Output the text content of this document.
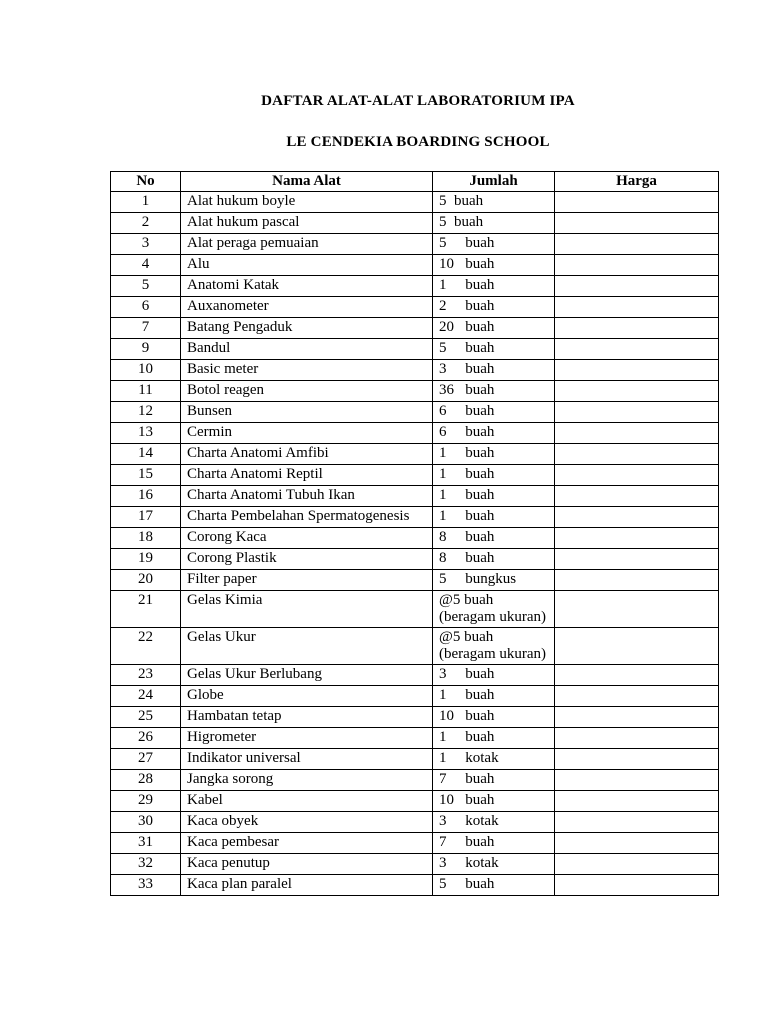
DAFTAR ALAT-ALAT LABORATORIUM IPA
LE CENDEKIA BOARDING SCHOOL
No	Nama Alat	Jumlah	Harga
1	Alat hukum boyle	5  buah	
2	Alat hukum pascal	5  buah	
3	Alat peraga pemuaian	5     buah	
4	Alu	10   buah	
5	Anatomi Katak	1     buah	
6	Auxanometer	2     buah	
7	Batang Pengaduk	20   buah	
9	Bandul	5     buah	
10	Basic meter	3     buah	
11	Botol reagen	36   buah	
12	Bunsen	6     buah	
13	Cermin	6     buah	
14	Charta Anatomi Amfibi	1     buah	
15	Charta Anatomi Reptil	1     buah	
16	Charta Anatomi Tubuh Ikan	1     buah	
17	Charta Pembelahan Spermatogenesis	1     buah	
18	Corong Kaca	8     buah	
19	Corong Plastik	8     buah	
20	Filter paper	5     bungkus	
21	Gelas Kimia	@5 buah (beragam ukuran)	
22	Gelas Ukur	@5 buah (beragam ukuran)	
23	Gelas Ukur Berlubang	3     buah	
24	Globe	1     buah	
25	Hambatan tetap	10   buah	
26	Higrometer	1     buah	
27	Indikator universal	1     kotak	
28	Jangka sorong	7     buah	
29	Kabel	10   buah	
30	Kaca obyek	3     kotak	
31	Kaca pembesar	7     buah	
32	Kaca penutup	3     kotak	
33	Kaca plan paralel	5     buah	
